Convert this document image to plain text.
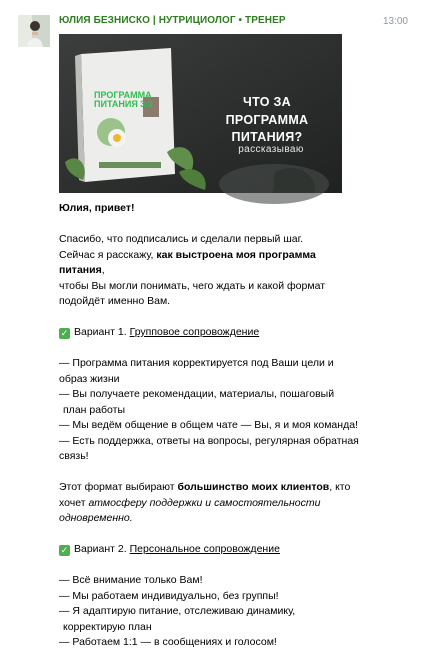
ЮЛИЯ БЕЗНИСКО | НУТРИЦИОЛОГ • ТРЕНЕР	13:00
ПРОГРАММА ПИТАНИЯ 3.0	ЧТО ЗА
ПРОГРАММА ПИТАНИЯ?
рассказываю

Юлия, привет!

Спасибо, что подписались и сделали первый шаг.

Сейчас я расскажу, как выстроена моя программа питания,

чтобы Вы могли понимать, чего ждать и какой формат

подойдёт именно Вам.

✓ Вариант 1. Групповое сопровождение

— Программа питания корректируется под Ваши цели и

образ жизни

— Вы получаете рекомендации, материалы, пошаговый

план работы

— Мы ведём общение в общем чате — Вы, я и моя команда!

— Есть поддержка, ответы на вопросы, регулярная обратная

связь!

Этот формат выбирают большинство моих клиентов, кто

хочет атмосферу поддержки и самостоятельности

одновременно.

✓ Вариант 2. Персональное сопровождение

— Всё внимание только Вам!

— Мы работаем индивидуально, без группы!

— Я адаптирую питание, отслеживаю динамику,

корректирую план

— Работаем 1:1 — в сообщениях и голосом!
